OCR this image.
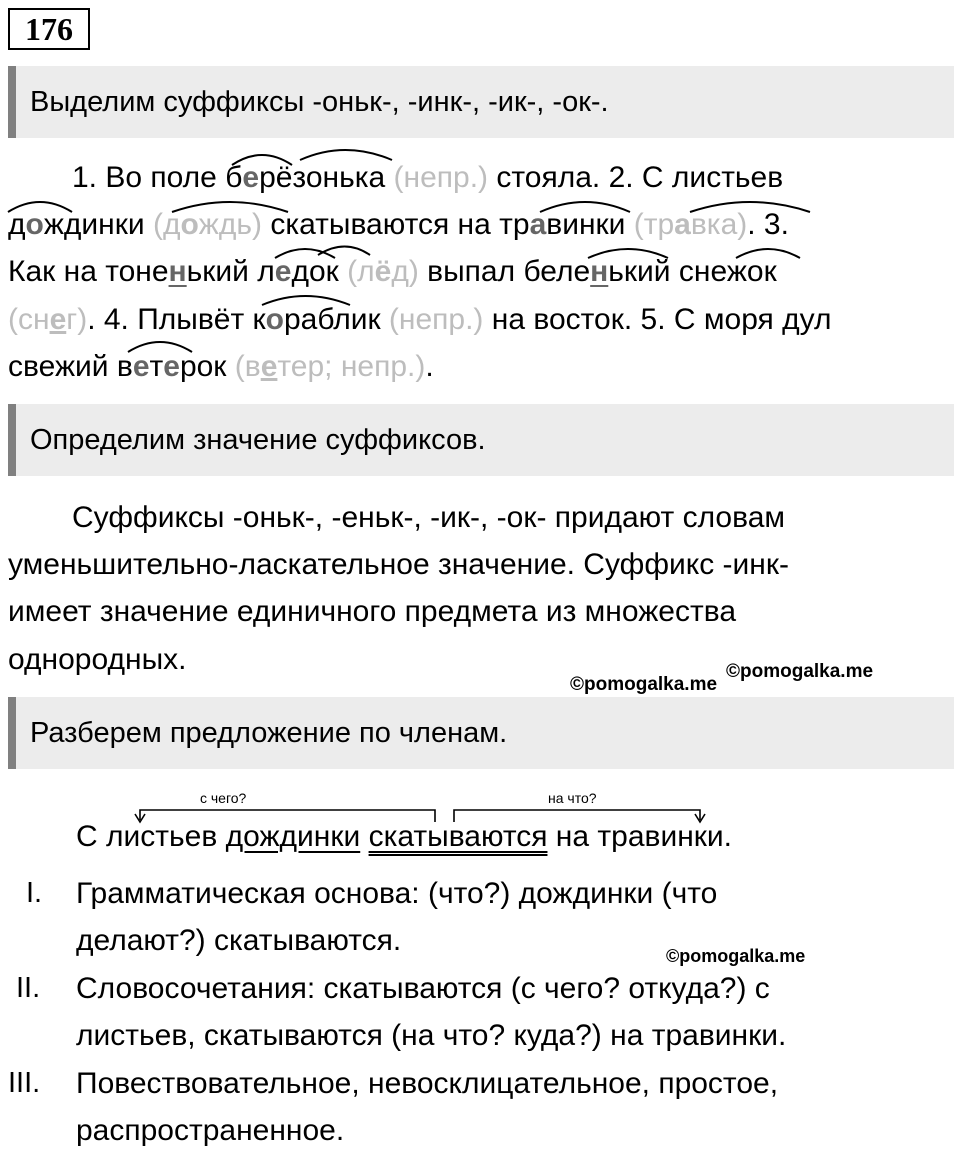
176
Выделим суффиксы -оньк-, -инк-, -ик-, -ок-.
1. Во поле берёзонька (непр.) стояла. 2. С листьев
дождинки (дождь) скатываются на травинки (травка). 3.
Как на тоненький ледок (лёд) выпал беленький снежок
(снег). 4. Плывёт кораблик (непр.) на восток. 5. С моря дул
свежий ветерок (ветер; непр.).
Определим значение суффиксов.
Суффиксы -оньк-, -еньк-, -ик-, -ок- придают словам
уменьшительно-ласкательное значение. Суффикс -инк-
имеет значение единичного предмета из множества
однородных.
©pomogalka.me
©pomogalka.me
Разберем предложение по членам.
с чего?	на что?
С листьев дождинки скатываются на травинки.
I. Грамматическая основа: (что?) дождинки (что
делают?) скатываются.	©pomogalka.me
II. Словосочетания: скатываются (с чего? откуда?) с
листьев, скатываются (на что? куда?) на травинки.
III. Повествовательное, невосклицательное, простое,
распространенное.
